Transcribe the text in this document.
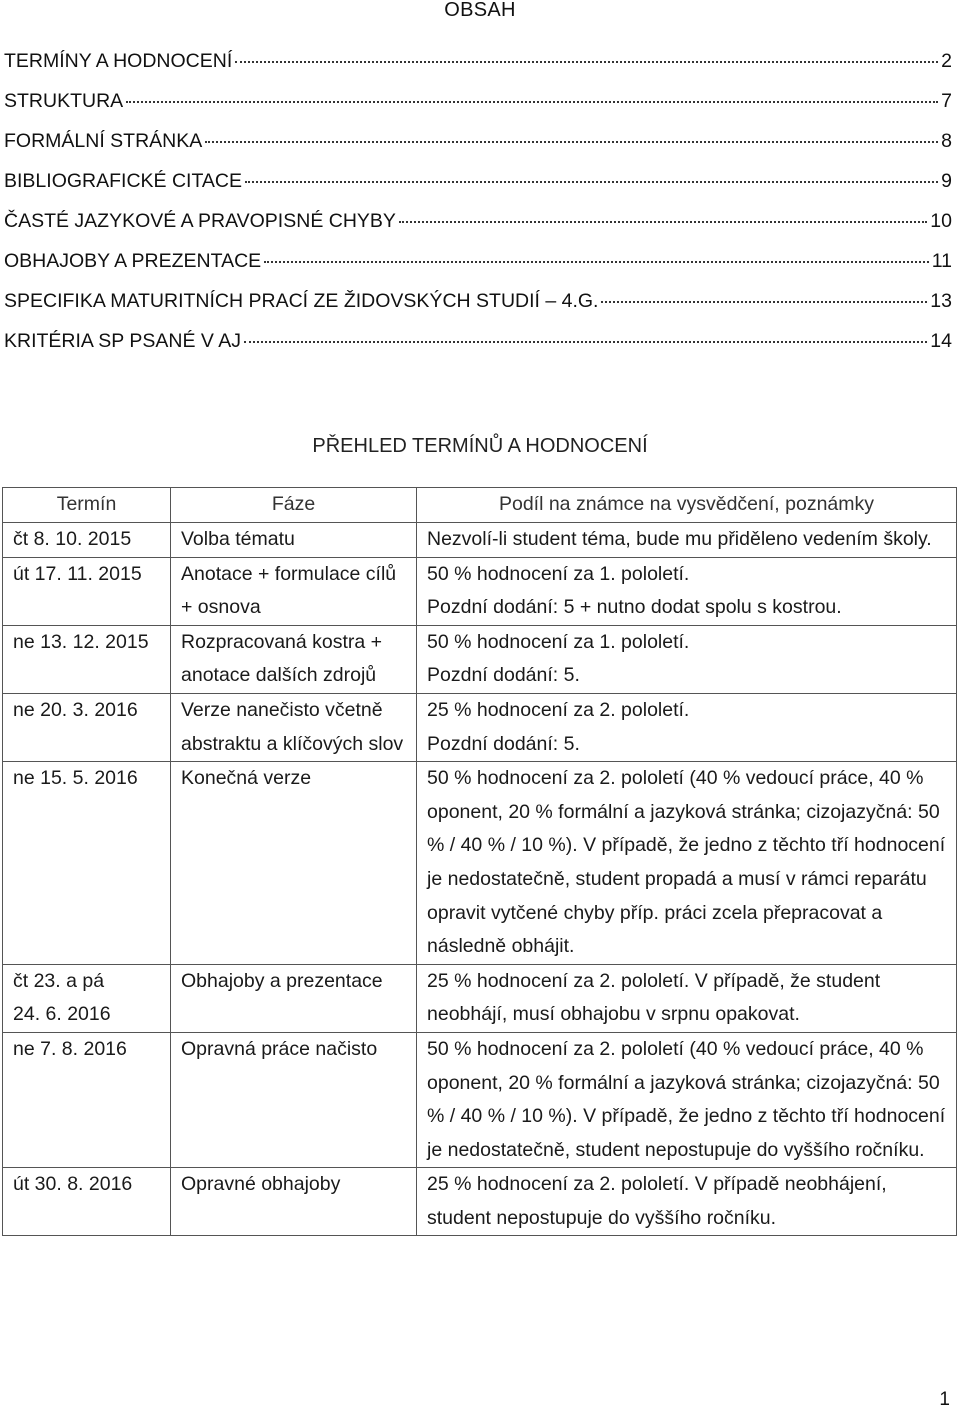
OBSAH
TERMÍNY A HODNOCENÍ	2
STRUKTURA	7
FORMÁLNÍ STRÁNKA	8
BIBLIOGRAFICKÉ CITACE	9
ČASTÉ JAZYKOVÉ A PRAVOPISNÉ CHYBY	10
OBHAJOBY A PREZENTACE	11
SPECIFIKA MATURITNÍCH PRACÍ ZE ŽIDOVSKÝCH STUDIÍ – 4.G.	13
KRITÉRIA SP PSANÉ V AJ	14
PŘEHLED TERMÍNŮ A HODNOCENÍ
Termín	Fáze	Podíl na známce na vysvědčení, poznámky
čt 8. 10. 2015	Volba tématu	Nezvolí-li student téma, bude mu přiděleno vedením školy.
út 17. 11. 2015	Anotace + formulace cílů + osnova	50 % hodnocení za 1. pololetí.
Pozdní dodání: 5 + nutno dodat spolu s kostrou.
ne 13. 12. 2015	Rozpracovaná kostra + anotace dalších zdrojů	50 % hodnocení za 1. pololetí.
Pozdní dodání: 5.
ne 20. 3. 2016	Verze nanečisto včetně abstraktu a klíčových slov	25 % hodnocení za 2. pololetí.
Pozdní dodání: 5.
ne 15. 5. 2016	Konečná verze	50 % hodnocení za 2. pololetí (40 % vedoucí práce, 40 % oponent, 20 % formální a jazyková stránka; cizojazyčná: 50 % / 40 % / 10 %). V případě, že jedno z těchto tří hodnocení je nedostatečně, student propadá a musí v rámci reparátu opravit vytčené chyby příp. práci zcela přepracovat a následně obhájit.
čt 23. a pá 24. 6. 2016	Obhajoby a prezentace	25 % hodnocení za 2. pololetí. V případě, že student neobhájí, musí obhajobu v srpnu opakovat.
ne 7. 8. 2016	Opravná práce načisto	50 % hodnocení za 2. pololetí (40 % vedoucí práce, 40 % oponent, 20 % formální a jazyková stránka; cizojazyčná: 50 % / 40 % / 10 %). V případě, že jedno z těchto tří hodnocení je nedostatečně, student nepostupuje do vyššího ročníku.
út 30. 8. 2016	Opravné obhajoby	25 % hodnocení za 2. pololetí. V případě neobhájení, student nepostupuje do vyššího ročníku.
1
